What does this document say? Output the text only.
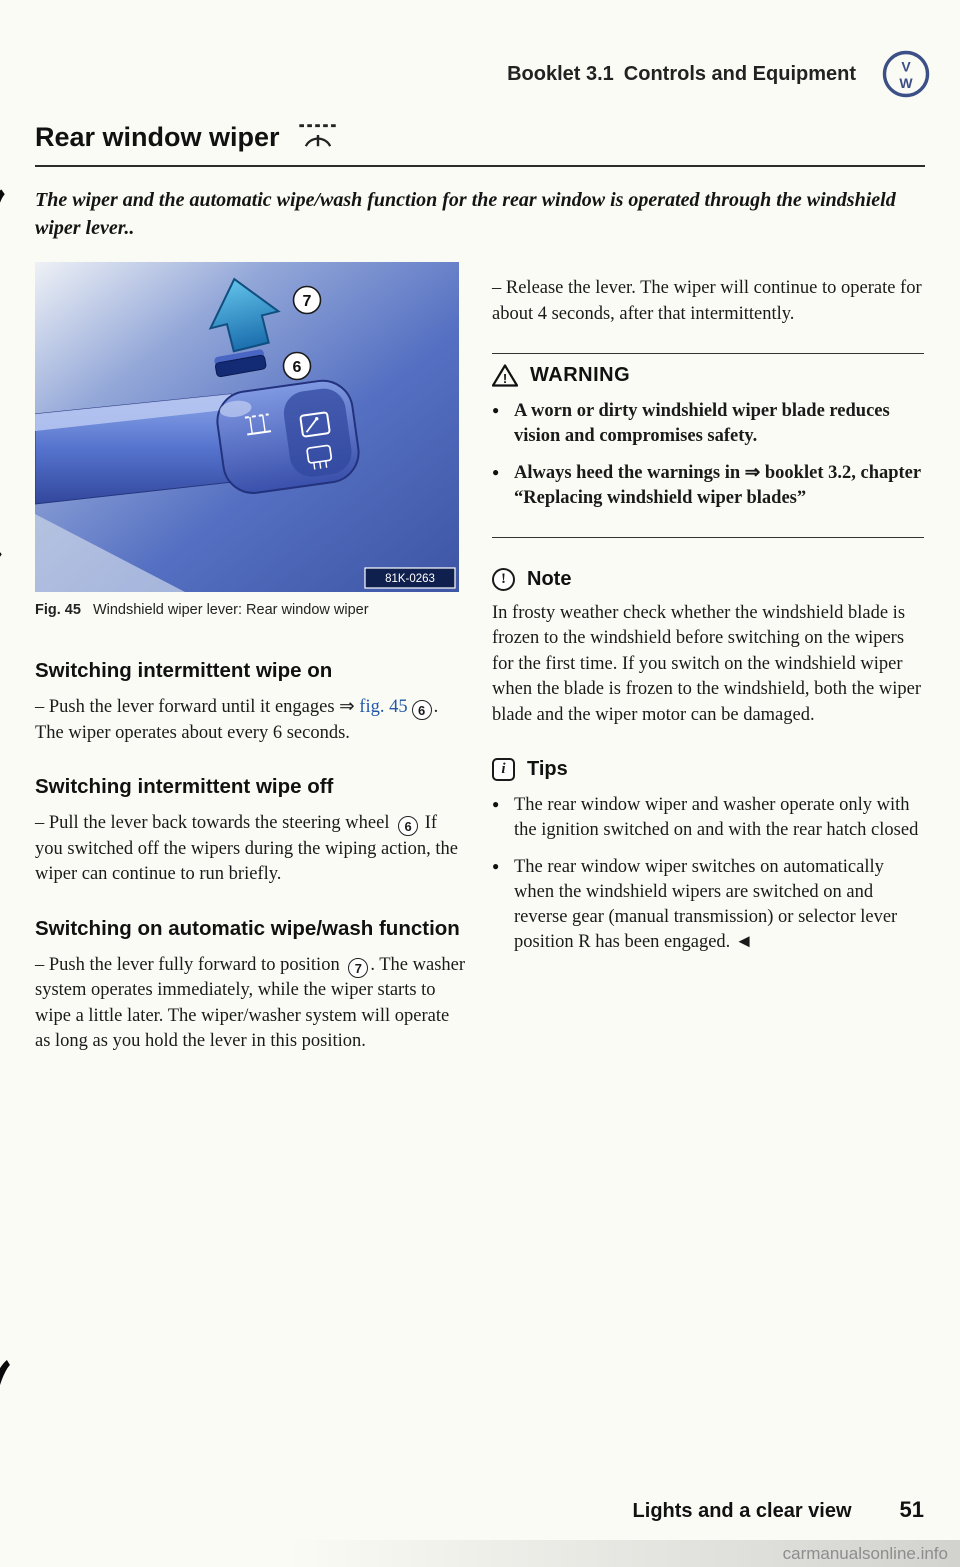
Booklet 3.1 Controls and Equipment	V
W
Rear window wiper

The wiper and the automatic wipe/wash function for the rear window is operated through the windshield wiper lever..

7
6
81K-0263
Fig. 45 Windshield wiper lever: Rear window wiper
Switching intermittent wipe on

– Push the lever forward until it engages ⇒ fig. 45 6 . The wiper operates about every 6 seconds.

Switching intermittent wipe off

– Pull the lever back towards the steering wheel 6 If you switched off the wipers during the wiping action, the wiper can continue to run briefly.

Switching on automatic wipe/wash function

– Push the lever fully forward to position 7 . The washer system operates immediately, while the wiper starts to wipe a little later. The wiper/washer system will operate as long as you hold the lever in this position.

– Release the lever. The wiper will continue to operate for about 4 seconds, after that intermittently.

! WARNING
● A worn or dirty windshield wiper blade reduces vision and compromises safety.
● Always heed the warnings in ⇒ booklet 3.2, chapter “Replacing windshield wiper blades”
!	Note

In frosty weather check whether the windshield blade is frozen to the windshield before switching on the wipers for the first time. If you switch on the windshield wiper when the blade is frozen to the windshield, both the wiper blade and the wiper motor can be damaged.

i	Tips
● The rear window wiper and washer operate only with the ignition switched on and with the rear hatch closed
● The rear window wiper switches on automatically when the windshield wipers are switched on and reverse gear (manual transmission) or selector lever position R has been engaged. ◄
Lights and a clear view 51
carmanualsonline.info
